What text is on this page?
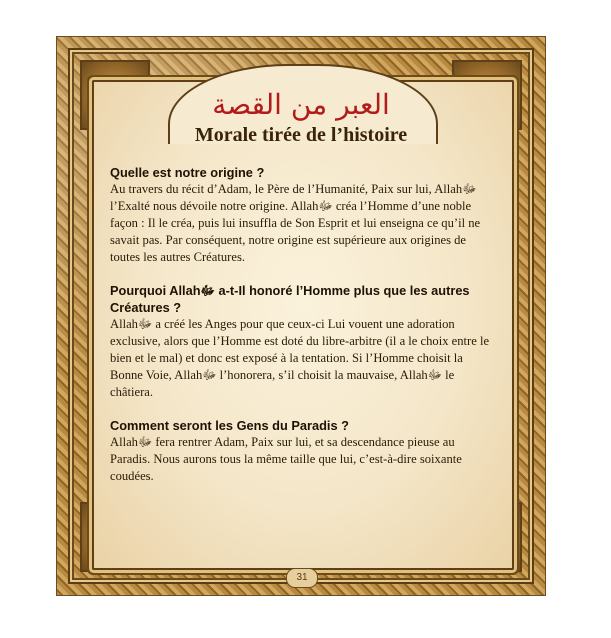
العبر من القصة
Morale tirée de l’histoire

Quelle est notre origine ?

Au travers du récit d’Adam, le Père de l’Humanité, Paix sur lui, Allahﷻ l’Exalté nous dévoile notre origine. Allahﷻ créa l’Homme d’une noble façon : Il le créa, puis lui insuffla de Son Esprit et lui enseigna ce qu’il ne savait pas. Par conséquent, notre origine est supérieure aux origines de toutes les autres Créatures.

Pourquoi Allahﷻ a-t-Il honoré l’Homme plus que les autres Créatures ?

Allahﷻ a créé les Anges pour que ceux-ci Lui vouent une adoration exclusive, alors que l’Homme est doté du libre-arbitre (il a le choix entre le bien et le mal) et donc est exposé à la tentation. Si l’Homme choisit la Bonne Voie, Allahﷻ l’honorera, s’il choisit la mauvaise, Allahﷻ le châtiera.

Comment seront les Gens du Paradis ?

Allahﷻ fera rentrer Adam, Paix sur lui, et sa descendance pieuse au Paradis. Nous aurons tous la même taille que lui, c’est-à-dire soixante coudées.

31
